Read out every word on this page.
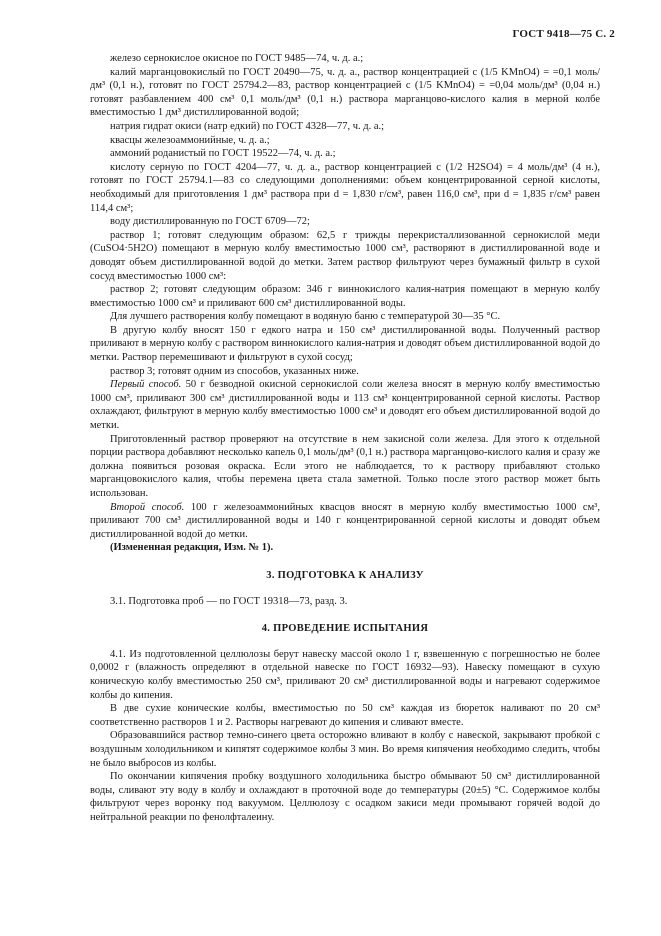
ГОСТ 9418—75 С. 2

железо сернокислое окисное по ГОСТ 9485—74, ч. д. а.;

калий марганцовокислый по ГОСТ 20490—75, ч. д. а., раствор концентрацией с (1/5 KMnO4) = =0,1 моль/дм³ (0,1 н.), готовят по ГОСТ 25794.2—83, раствор концентрацией с (1/5 KMnO4) = =0,04 моль/дм³ (0,04 н.) готовят разбавлением 400 см³ 0,1 моль/дм³ (0,1 н.) раствора марганцово-кислого калия в мерной колбе вместимостью 1 дм³ дистиллированной водой;

натрия гидрат окиси (натр едкий) по ГОСТ 4328—77, ч. д. а.;

квасцы железоаммонийные, ч. д. а.;

аммоний роданистый по ГОСТ 19522—74, ч. д. а.;

кислоту серную по ГОСТ 4204—77, ч. д. а., раствор концентрацией с (1/2 H2SO4) = 4 моль/дм³ (4 н.), готовят по ГОСТ 25794.1—83 со следующими дополнениями: объем концентрированной серной кислоты, необходимый для приготовления 1 дм³ раствора при d = 1,830 г/см³, равен 116,0 см³, при d = 1,835 г/см³ равен 114,4 см³;

воду дистиллированную по ГОСТ 6709—72;

раствор 1; готовят следующим образом: 62,5 г трижды перекристаллизованной сернокислой меди (CuSO4·5H2O) помещают в мерную колбу вместимостью 1000 см³, растворяют в дистиллированной воде и доводят объем дистиллированной водой до метки. Затем раствор фильтруют через бумажный фильтр в сухой сосуд вместимостью 1000 см³:

раствор 2; готовят следующим образом: 346 г виннокислого калия-натрия помещают в мерную колбу вместимостью 1000 см³ и приливают 600 см³ дистиллированной воды.

Для лучшего растворения колбу помещают в водяную баню с температурой 30—35 °С.

В другую колбу вносят 150 г едкого натра и 150 см³ дистиллированной воды. Полученный раствор приливают в мерную колбу с раствором виннокислого калия-натрия и доводят объем дистиллированной водой до метки. Раствор перемешивают и фильтруют в сухой сосуд;

раствор 3; готовят одним из способов, указанных ниже.

Первый способ. 50 г безводной окисной сернокислой соли железа вносят в мерную колбу вместимостью 1000 см³, приливают 300 см³ дистиллированной воды и 113 см³ концентрированной серной кислоты. Раствор охлаждают, фильтруют в мерную колбу вместимостью 1000 см³ и доводят его объем дистиллированной водой до метки.

Приготовленный раствор проверяют на отсутствие в нем закисной соли железа. Для этого к отдельной порции раствора добавляют несколько капель 0,1 моль/дм³ (0,1 н.) раствора марганцово-кислого калия и сразу же должна появиться розовая окраска. Если этого не наблюдается, то к раствору прибавляют столько марганцовокислого калия, чтобы перемена цвета стала заметной. Только после этого раствор может быть использован.

Второй способ. 100 г железоаммонийных квасцов вносят в мерную колбу вместимостью 1000 см³, приливают 700 см³ дистиллированной воды и 140 г концентрированной серной кислоты и доводят объем дистиллированной водой до метки.

(Измененная редакция, Изм. № 1).

3. ПОДГОТОВКА К АНАЛИЗУ

3.1. Подготовка проб — по ГОСТ 19318—73, разд. 3.

4. ПРОВЕДЕНИЕ ИСПЫТАНИЯ

4.1. Из подготовленной целлюлозы берут навеску массой около 1 г, взвешенную с погрешностью не более 0,0002 г (влажность определяют в отдельной навеске по ГОСТ 16932—93). Навеску помещают в сухую коническую колбу вместимостью 250 см³, приливают 20 см³ дистиллированной воды и нагревают содержимое колбы до кипения.

В две сухие конические колбы, вместимостью по 50 см³ каждая из бюреток наливают по 20 см³ соответственно растворов 1 и 2. Растворы нагревают до кипения и сливают вместе.

Образовавшийся раствор темно-синего цвета осторожно вливают в колбу с навеской, закрывают пробкой с воздушным холодильником и кипятят содержимое колбы 3 мин. Во время кипячения необходимо следить, чтобы не было выбросов из колбы.

По окончании кипячения пробку воздушного холодильника быстро обмывают 50 см³ дистиллированной воды, сливают эту воду в колбу и охлаждают в проточной воде до температуры (20±5) °С. Содержимое колбы фильтруют через воронку под вакуумом. Целлюлозу с осадком закиси меди промывают горячей водой до нейтральной реакции по фенолфталеину.
